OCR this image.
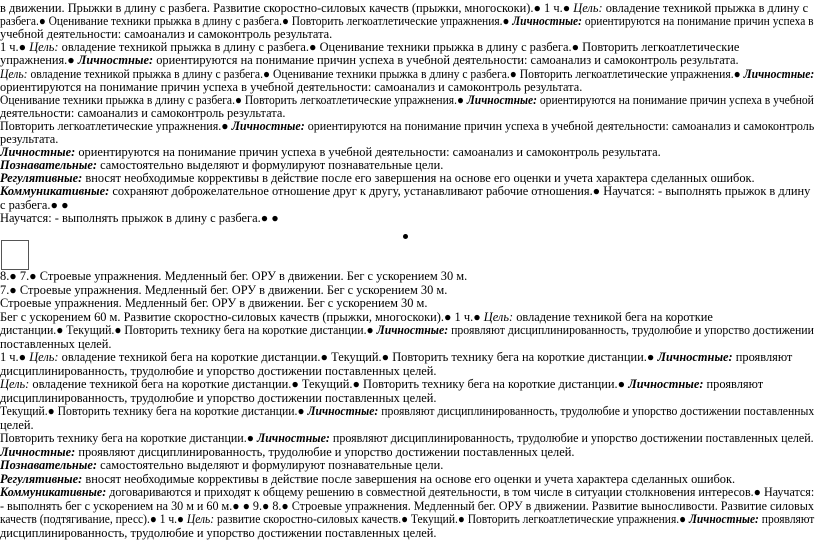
в движении. Прыжки в длину с разбега. Развитие скоростно-силовых качеств (прыжки, многоскоки).● 1 ч.● Цель: овладение техникой прыжка в длину с
разбега.● Оценивание техники прыжка в длину с разбега.● Повторить легкоатлетические упражнения.● Личностные: ориентируются на понимание причин успеха в
учебной деятельности: самоанализ и самоконтроль результата.
1 ч.● Цель: овладение техникой прыжка в длину с разбега.● Оценивание техники прыжка в длину с разбега.● Повторить легкоатлетические
упражнения.● Личностные: ориентируются на понимание причин успеха в учебной деятельности: самоанализ и самоконтроль результата.
Цель: овладение техникой прыжка в длину с разбега.● Оценивание техники прыжка в длину с разбега.● Повторить легкоатлетические упражнения.● Личностные:
ориентируются на понимание причин успеха в учебной деятельности: самоанализ и самоконтроль результата.
Оценивание техники прыжка в длину с разбега.● Повторить легкоатлетические упражнения.● Личностные: ориентируются на понимание причин успеха в учебной
деятельности: самоанализ и самоконтроль результата.
Повторить легкоатлетические упражнения.● Личностные: ориентируются на понимание причин успеха в учебной деятельности: самоанализ и самоконтроль
результата.
Личностные: ориентируются на понимание причин успеха в учебной деятельности: самоанализ и самоконтроль результата.
Познавательные: самостоятельно выделяют и формулируют познавательные цели.
Регулятивные: вносят необходимые коррективы в действие после его завершения на основе его оценки и учета характера сделанных ошибок.
Коммуникативные: сохраняют доброжелательное отношение друг к другу, устанавливают рабочие отношения.● Научатся: - выполнять прыжок в длину
с разбега.● ●
Научатся: - выполнять прыжок в длину с разбега.● ●
8.● 7.● Строевые упражнения. Медленный бег. ОРУ в движении. Бег с ускорением 30 м.
7.● Строевые упражнения. Медленный бег. ОРУ в движении. Бег с ускорением 30 м.
Строевые упражнения. Медленный бег. ОРУ в движении. Бег с ускорением 30 м.
Бег с ускорением 60 м. Развитие скоростно-силовых качеств (прыжки, многоскоки).● 1 ч.● Цель: овладение техникой бега на короткие
дистанции.● Текущий.● Повторить технику бега на короткие дистанции.● Личностные: проявляют дисциплинированность, трудолюбие и упорство достижении
поставленных целей.
1 ч.● Цель: овладение техникой бега на короткие дистанции.● Текущий.● Повторить технику бега на короткие дистанции.● Личностные: проявляют
дисциплинированность, трудолюбие и упорство достижении поставленных целей.
Цель: овладение техникой бега на короткие дистанции.● Текущий.● Повторить технику бега на короткие дистанции.● Личностные: проявляют
дисциплинированность, трудолюбие и упорство достижении поставленных целей.
Текущий.● Повторить технику бега на короткие дистанции.● Личностные: проявляют дисциплинированность, трудолюбие и упорство достижении поставленных
целей.
Повторить технику бега на короткие дистанции.● Личностные: проявляют дисциплинированность, трудолюбие и упорство достижении поставленных целей.
Личностные: проявляют дисциплинированность, трудолюбие и упорство достижении поставленных целей.
Познавательные: самостоятельно выделяют и формулируют познавательные цели.
Регулятивные: вносят необходимые коррективы в действие после завершения на основе его оценки и учета характера сделанных ошибок.
Коммуникативные: договариваются и приходят к общему решению в совместной деятельности, в том числе в ситуации столкновения интересов.● Научатся:
- выполнять бег с ускорением на 30 м и 60 м.● ● 9.● 8.● Строевые упражнения. Медленный бег. ОРУ в движении. Развитие выносливости. Развитие силовых
качеств (подтягивание, пресс).● 1 ч.● Цель: развитие скоростно-силовых качеств.● Текущий.● Повторить легкоатлетические упражнения.● Личностные: проявляют
дисциплинированность, трудолюбие и упорство достижении поставленных целей.
